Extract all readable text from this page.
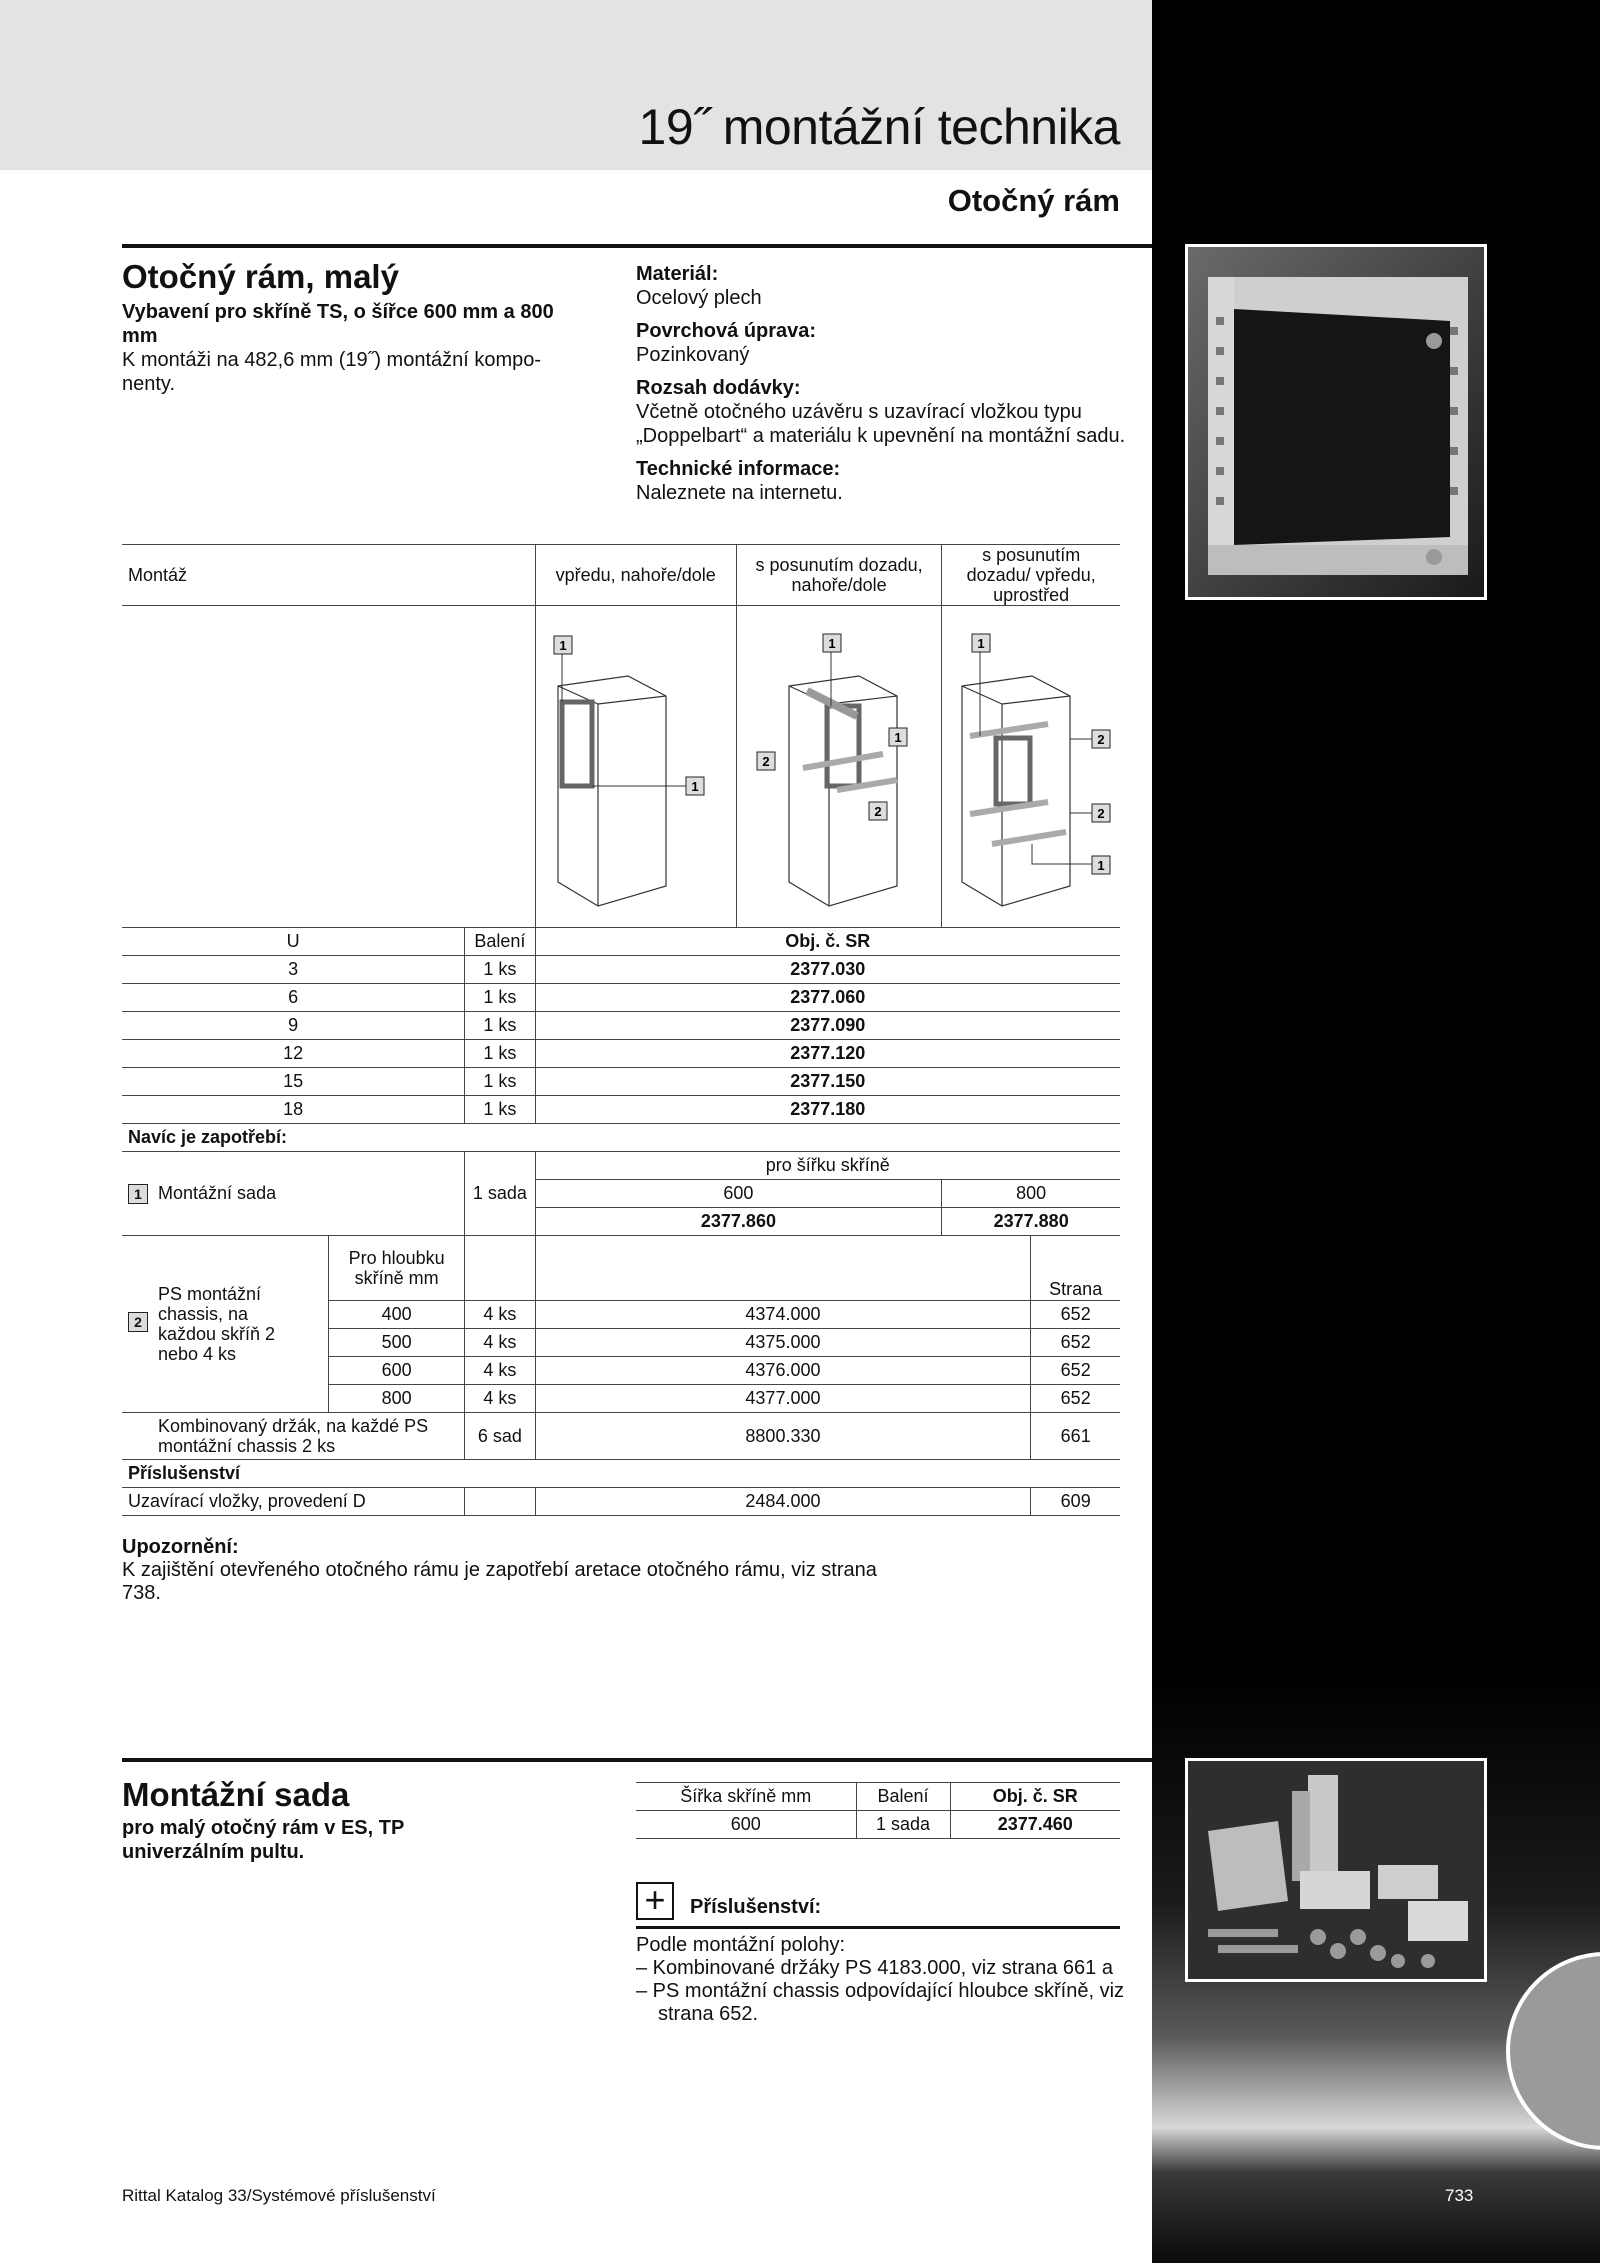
19˝ montážní technika
Otočný rám
Otočný rám, malý
Vybavení pro skříně TS, o šířce 600 mm a 800 mm
K montáži na 482,6 mm (19˝) montážní kompo-nenty.
Materiál:
Ocelový plech
Povrchová úprava:
Pozinkovaný
Rozsah dodávky:
Včetně otočného uzávěru s uzavírací vložkou typu „Doppelbart“ a materiálu k upevnění na montážní sadu.
Technické informace:
Naleznete na internetu.
Montáž			vpředu, nahoře/dole	s posunutím dozadu, nahoře/dole	s posunutím dozadu/ vpředu, uprostřed	

1
1	1
2
1
2	1
2
2
1	

U		Balení	Obj. č. SR			
3		1 ks	2377.030			
6		1 ks	2377.060			
9		1 ks	2377.090			
12		1 ks	2377.120			
15		1 ks	2377.150			
18		1 ks	2377.180			
Navíc je zapotřebí:						
1 Montážní sada		1 sada	pro šířku skříně			
			600		800	
			2377.860		2377.880	

2
PS montážní chassis, na každou skříň 2 nebo 4 ks	Pro hloubku skříně mm					Strana
	400	4 ks	4374.000			652
	500	4 ks	4375.000			652
	600	4 ks	4376.000			652
	800	4 ks	4377.000			652
Kombinovaný držák, na každé PS montážní chassis 2 ks		6 sad	8800.330			661
Příslušenství						
Uzavírací vložky, provedení D			2484.000			609
Upozornění:
K zajištění otevřeného otočného rámu je zapotřebí aretace otočného rámu, viz strana 738.
Montážní sada
pro malý otočný rám v ES, TP univerzálním pultu.
Šířka skříně mm	Balení	Obj. č. SR
600	1 sada	2377.460
+	Příslušenství:
Podle montážní polohy:
– Kombinované držáky PS 4183.000, viz strana 661 a
– PS montážní chassis odpovídající hloubce skříně, viz strana 652.
Rittal Katalog 33/Systémové příslušenství	733
